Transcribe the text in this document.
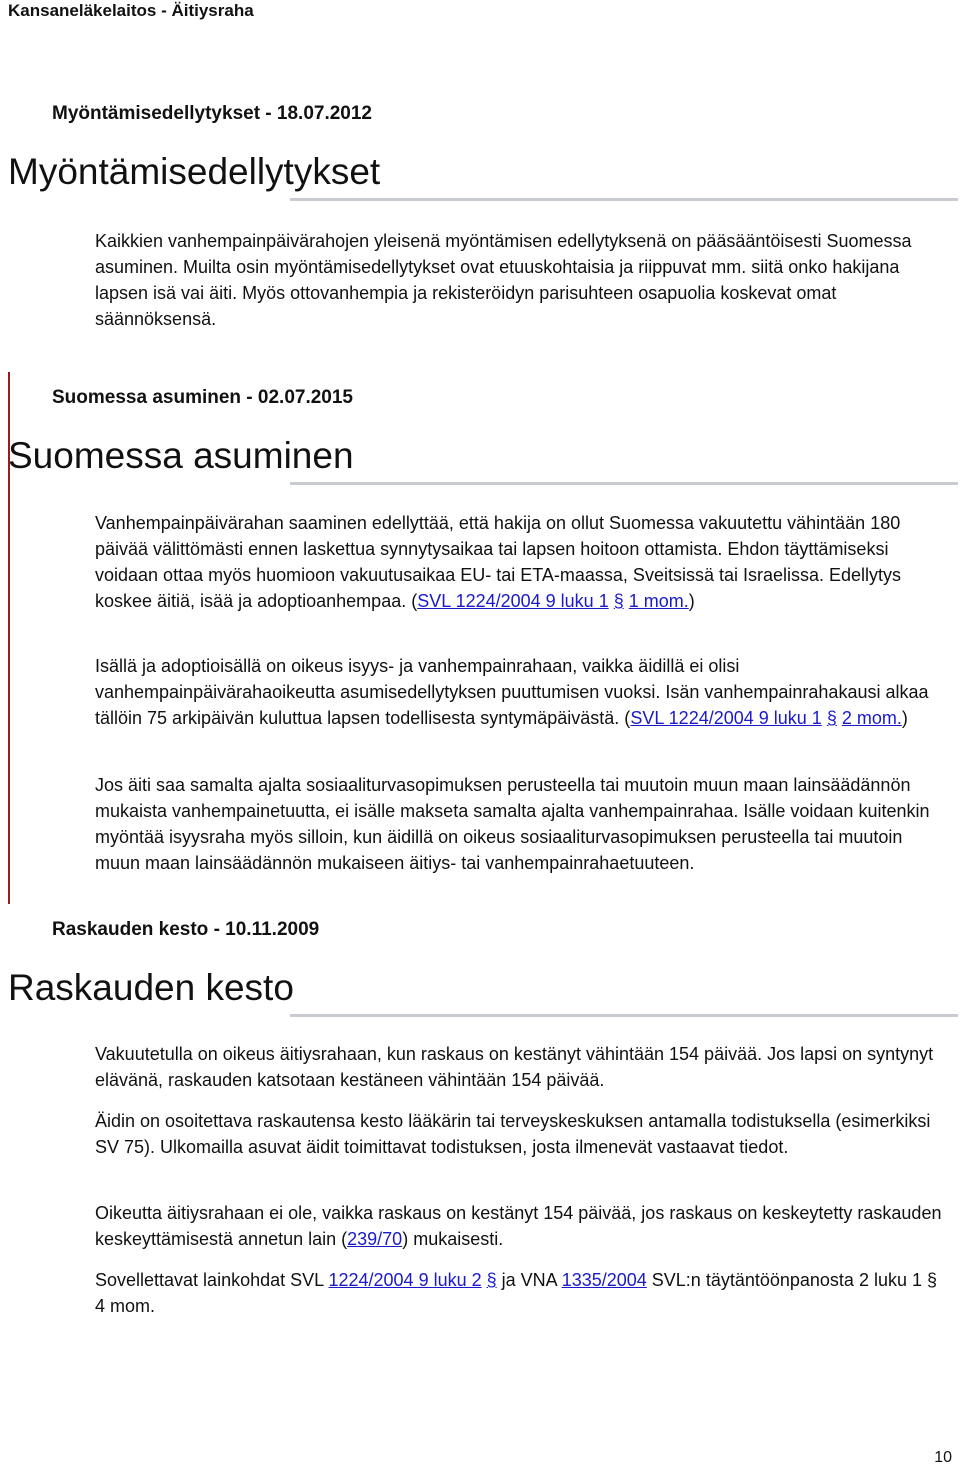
Kansaneläkelaitos - Äitiysraha
Myöntämisedellytykset - 18.07.2012
Myöntämisedellytykset

Kaikkien vanhempainpäivärahojen yleisenä myöntämisen edellytyksenä on pääsääntöisesti Suomessa asuminen. Muilta osin myöntämisedellytykset ovat etuuskohtaisia ja riippuvat mm. siitä onko hakijana lapsen isä vai äiti. Myös ottovanhempia ja rekisteröidyn parisuhteen osapuolia koskevat omat säännöksensä.

Suomessa asuminen - 02.07.2015
Suomessa asuminen

Vanhempainpäivärahan saaminen edellyttää, että hakija on ollut Suomessa vakuutettu vähintään 180 päivää välittömästi ennen laskettua synnytysaikaa tai lapsen hoitoon ottamista. Ehdon täyttämiseksi voidaan ottaa myös huomioon vakuutusaikaa EU- tai ETA-maassa, Sveitsissä tai Israelissa. Edellytys koskee äitiä, isää ja adoptioanhempaa. (SVL 1224/2004 9 luku 1 § 1 mom.)

Isällä ja adoptioisällä on oikeus isyys- ja vanhempainrahaan, vaikka äidillä ei olisi vanhempainpäivärahaoikeutta asumisedellytyksen puuttumisen vuoksi. Isän vanhempainrahakausi alkaa tällöin 75 arkipäivän kuluttua lapsen todellisesta syntymäpäivästä. (SVL 1224/2004 9 luku 1 § 2 mom.)

Jos äiti saa samalta ajalta sosiaaliturvasopimuksen perusteella tai muutoin muun maan lainsäädännön mukaista vanhempainetuutta, ei isälle makseta samalta ajalta vanhempainrahaa. Isälle voidaan kuitenkin myöntää isyysraha myös silloin, kun äidillä on oikeus sosiaaliturvasopimuksen perusteella tai muutoin muun maan lainsäädännön mukaiseen äitiys- tai vanhempainrahaetuuteen.

Raskauden kesto - 10.11.2009
Raskauden kesto

Vakuutetulla on oikeus äitiysrahaan, kun raskaus on kestänyt vähintään 154 päivää. Jos lapsi on syntynyt elävänä, raskauden katsotaan kestäneen vähintään 154 päivää.

Äidin on osoitettava raskautensa kesto lääkärin tai terveyskeskuksen antamalla todistuksella (esimerkiksi SV 75). Ulkomailla asuvat äidit toimittavat todistuksen, josta ilmenevät vastaavat tiedot.

Oikeutta äitiysrahaan ei ole, vaikka raskaus on kestänyt 154 päivää, jos raskaus on keskeytetty raskauden keskeyttämisestä annetun lain (239/70) mukaisesti.

Sovellettavat lainkohdat SVL 1224/2004 9 luku 2 § ja VNA 1335/2004 SVL:n täytäntöönpanosta 2 luku 1 § 4 mom.

10
